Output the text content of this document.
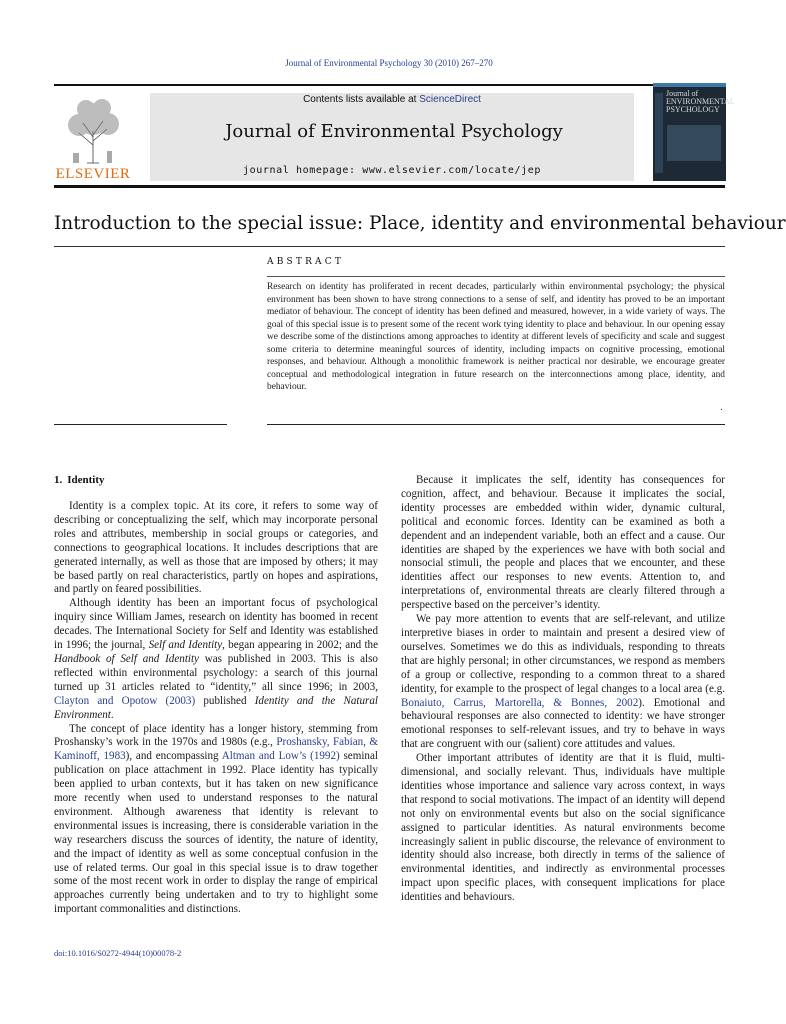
Journal of Environmental Psychology 30 (2010) 267–270
ELSEVIER
Contents lists available at ScienceDirect
Journal of Environmental Psychology
journal homepage: www.elsevier.com/locate/jep
Journal of ENVIRONMENTAL PSYCHOLOGY
Introduction to the special issue: Place, identity and environmental behaviour
ABSTRACT
Research on identity has proliferated in recent decades, particularly within environmental psychology; the physical environment has been shown to have strong connections to a sense of self, and identity has proved to be an important mediator of behaviour. The concept of identity has been defined and measured, however, in a wide variety of ways. The goal of this special issue is to present some of the recent work tying identity to place and behaviour. In our opening essay we describe some of the distinctions among approaches to identity at different levels of specificity and scale and suggest some criteria to determine meaningful sources of identity, including impacts on cognitive processing, emotional responses, and behaviour. Although a monolithic framework is neither practical nor desirable, we encourage greater conceptual and methodological integration in future research on the interconnections among place, identity, and behaviour.
.
1. Identity

Identity is a complex topic. At its core, it refers to some way of describing or conceptualizing the self, which may incorporate personal roles and attributes, membership in social groups or categories, and connections to geographical locations. It includes descriptions that are generated internally, as well as those that are imposed by others; it may be based partly on real characteristics, partly on hopes and aspirations, and partly on feared possibilities.

Although identity has been an important focus of psychological inquiry since William James, research on identity has boomed in recent decades. The International Society for Self and Identity was established in 1996; the journal, Self and Identity, began appearing in 2002; and the Handbook of Self and Identity was published in 2003. This is also reflected within environmental psychology: a search of this journal turned up 31 articles related to “identity,” all since 1996; in 2003, Clayton and Opotow (2003) published Identity and the Natural Environment.

The concept of place identity has a longer history, stemming from Proshansky’s work in the 1970s and 1980s (e.g., Proshansky, Fabian, & Kaminoff, 1983), and encompassing Altman and Low’s (1992) seminal publication on place attachment in 1992. Place identity has typically been applied to urban contexts, but it has taken on new significance more recently when used to understand responses to the natural environment. Although awareness that identity is relevant to environmental issues is increasing, there is considerable variation in the way researchers discuss the sources of identity, the nature of identity, and the impact of identity as well as some conceptual confusion in the use of related terms. Our goal in this special issue is to draw together some of the most recent work in order to display the range of empirical approaches currently being undertaken and to try to highlight some important commonalities and distinctions.

Because it implicates the self, identity has consequences for cognition, affect, and behaviour. Because it implicates the social, identity processes are embedded within wider, dynamic cultural, political and economic forces. Identity can be examined as both a dependent and an independent variable, both an effect and a cause. Our identities are shaped by the experiences we have with both social and nonsocial stimuli, the people and places that we encounter, and these identities affect our responses to new events. Attention to, and interpretations of, environmental threats are clearly filtered through a perspective based on the perceiver’s identity.

We pay more attention to events that are self-relevant, and utilize interpretive biases in order to maintain and present a desired view of ourselves. Sometimes we do this as individuals, responding to threats that are highly personal; in other circumstances, we respond as members of a group or collective, responding to a common threat to a shared identity, for example to the prospect of legal changes to a local area (e.g. Bonaiuto, Carrus, Martorella, & Bonnes, 2002). Emotional and behavioural responses are also connected to identity: we have stronger emotional responses to self-relevant issues, and try to behave in ways that are congruent with our (salient) core attitudes and values.

Other important attributes of identity are that it is fluid, multi-dimensional, and socially relevant. Thus, individuals have multiple identities whose importance and salience vary across context, in ways that respond to social motivations. The impact of an identity will depend not only on environmental events but also on the social significance assigned to particular identities. As natural environments become increasingly salient in public discourse, the relevance of environment to identity should also increase, both directly in terms of the salience of environmental identities, and indirectly as environmental processes impact upon specific places, with consequent implications for place identities and behaviours.

doi:10.1016/S0272-4944(10)00078-2
